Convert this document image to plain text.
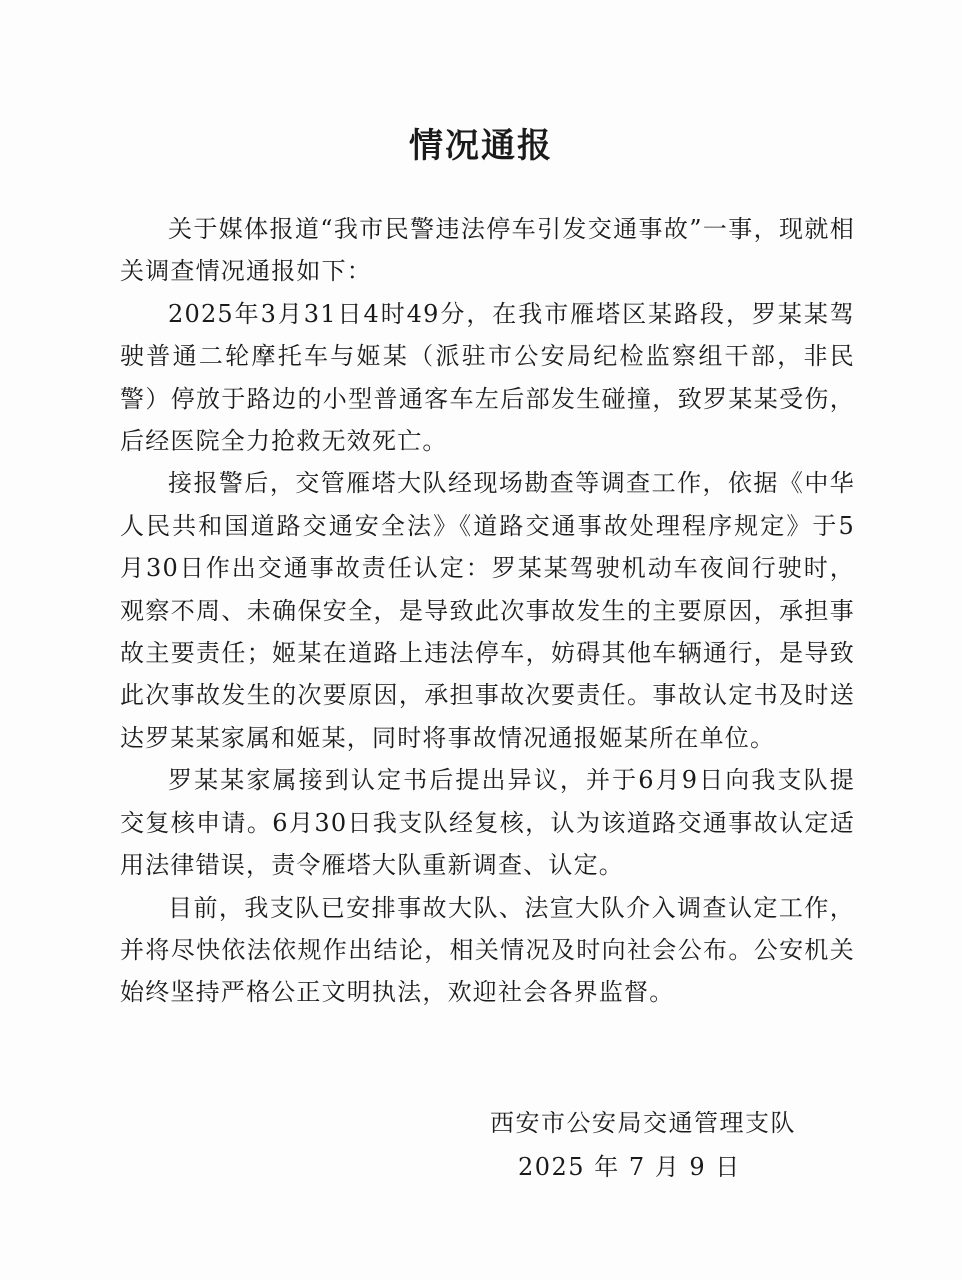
情况通报

关于媒体报道“我市民警违法停车引发交通事故”一事，现就相关调查情况通报如下：

2025年3月31日4时49分，在我市雁塔区某路段，罗某某驾驶普通二轮摩托车与姬某（派驻市公安局纪检监察组干部，非民警）停放于路边的小型普通客车左后部发生碰撞，致罗某某受伤，后经医院全力抢救无效死亡。

接报警后，交管雁塔大队经现场勘查等调查工作，依据《中华人民共和国道路交通安全法》《道路交通事故处理程序规定》于5月30日作出交通事故责任认定：罗某某驾驶机动车夜间行驶时，观察不周、未确保安全，是导致此次事故发生的主要原因，承担事故主要责任；姬某在道路上违法停车，妨碍其他车辆通行，是导致此次事故发生的次要原因，承担事故次要责任。事故认定书及时送达罗某某家属和姬某，同时将事故情况通报姬某所在单位。

罗某某家属接到认定书后提出异议，并于6月9日向我支队提交复核申请。6月30日我支队经复核，认为该道路交通事故认定适用法律错误，责令雁塔大队重新调查、认定。

目前，我支队已安排事故大队、法宣大队介入调查认定工作，并将尽快依法依规作出结论，相关情况及时向社会公布。公安机关始终坚持严格公正文明执法，欢迎社会各界监督。

西安市公安局交通管理支队
2025 年 7 月 9 日
